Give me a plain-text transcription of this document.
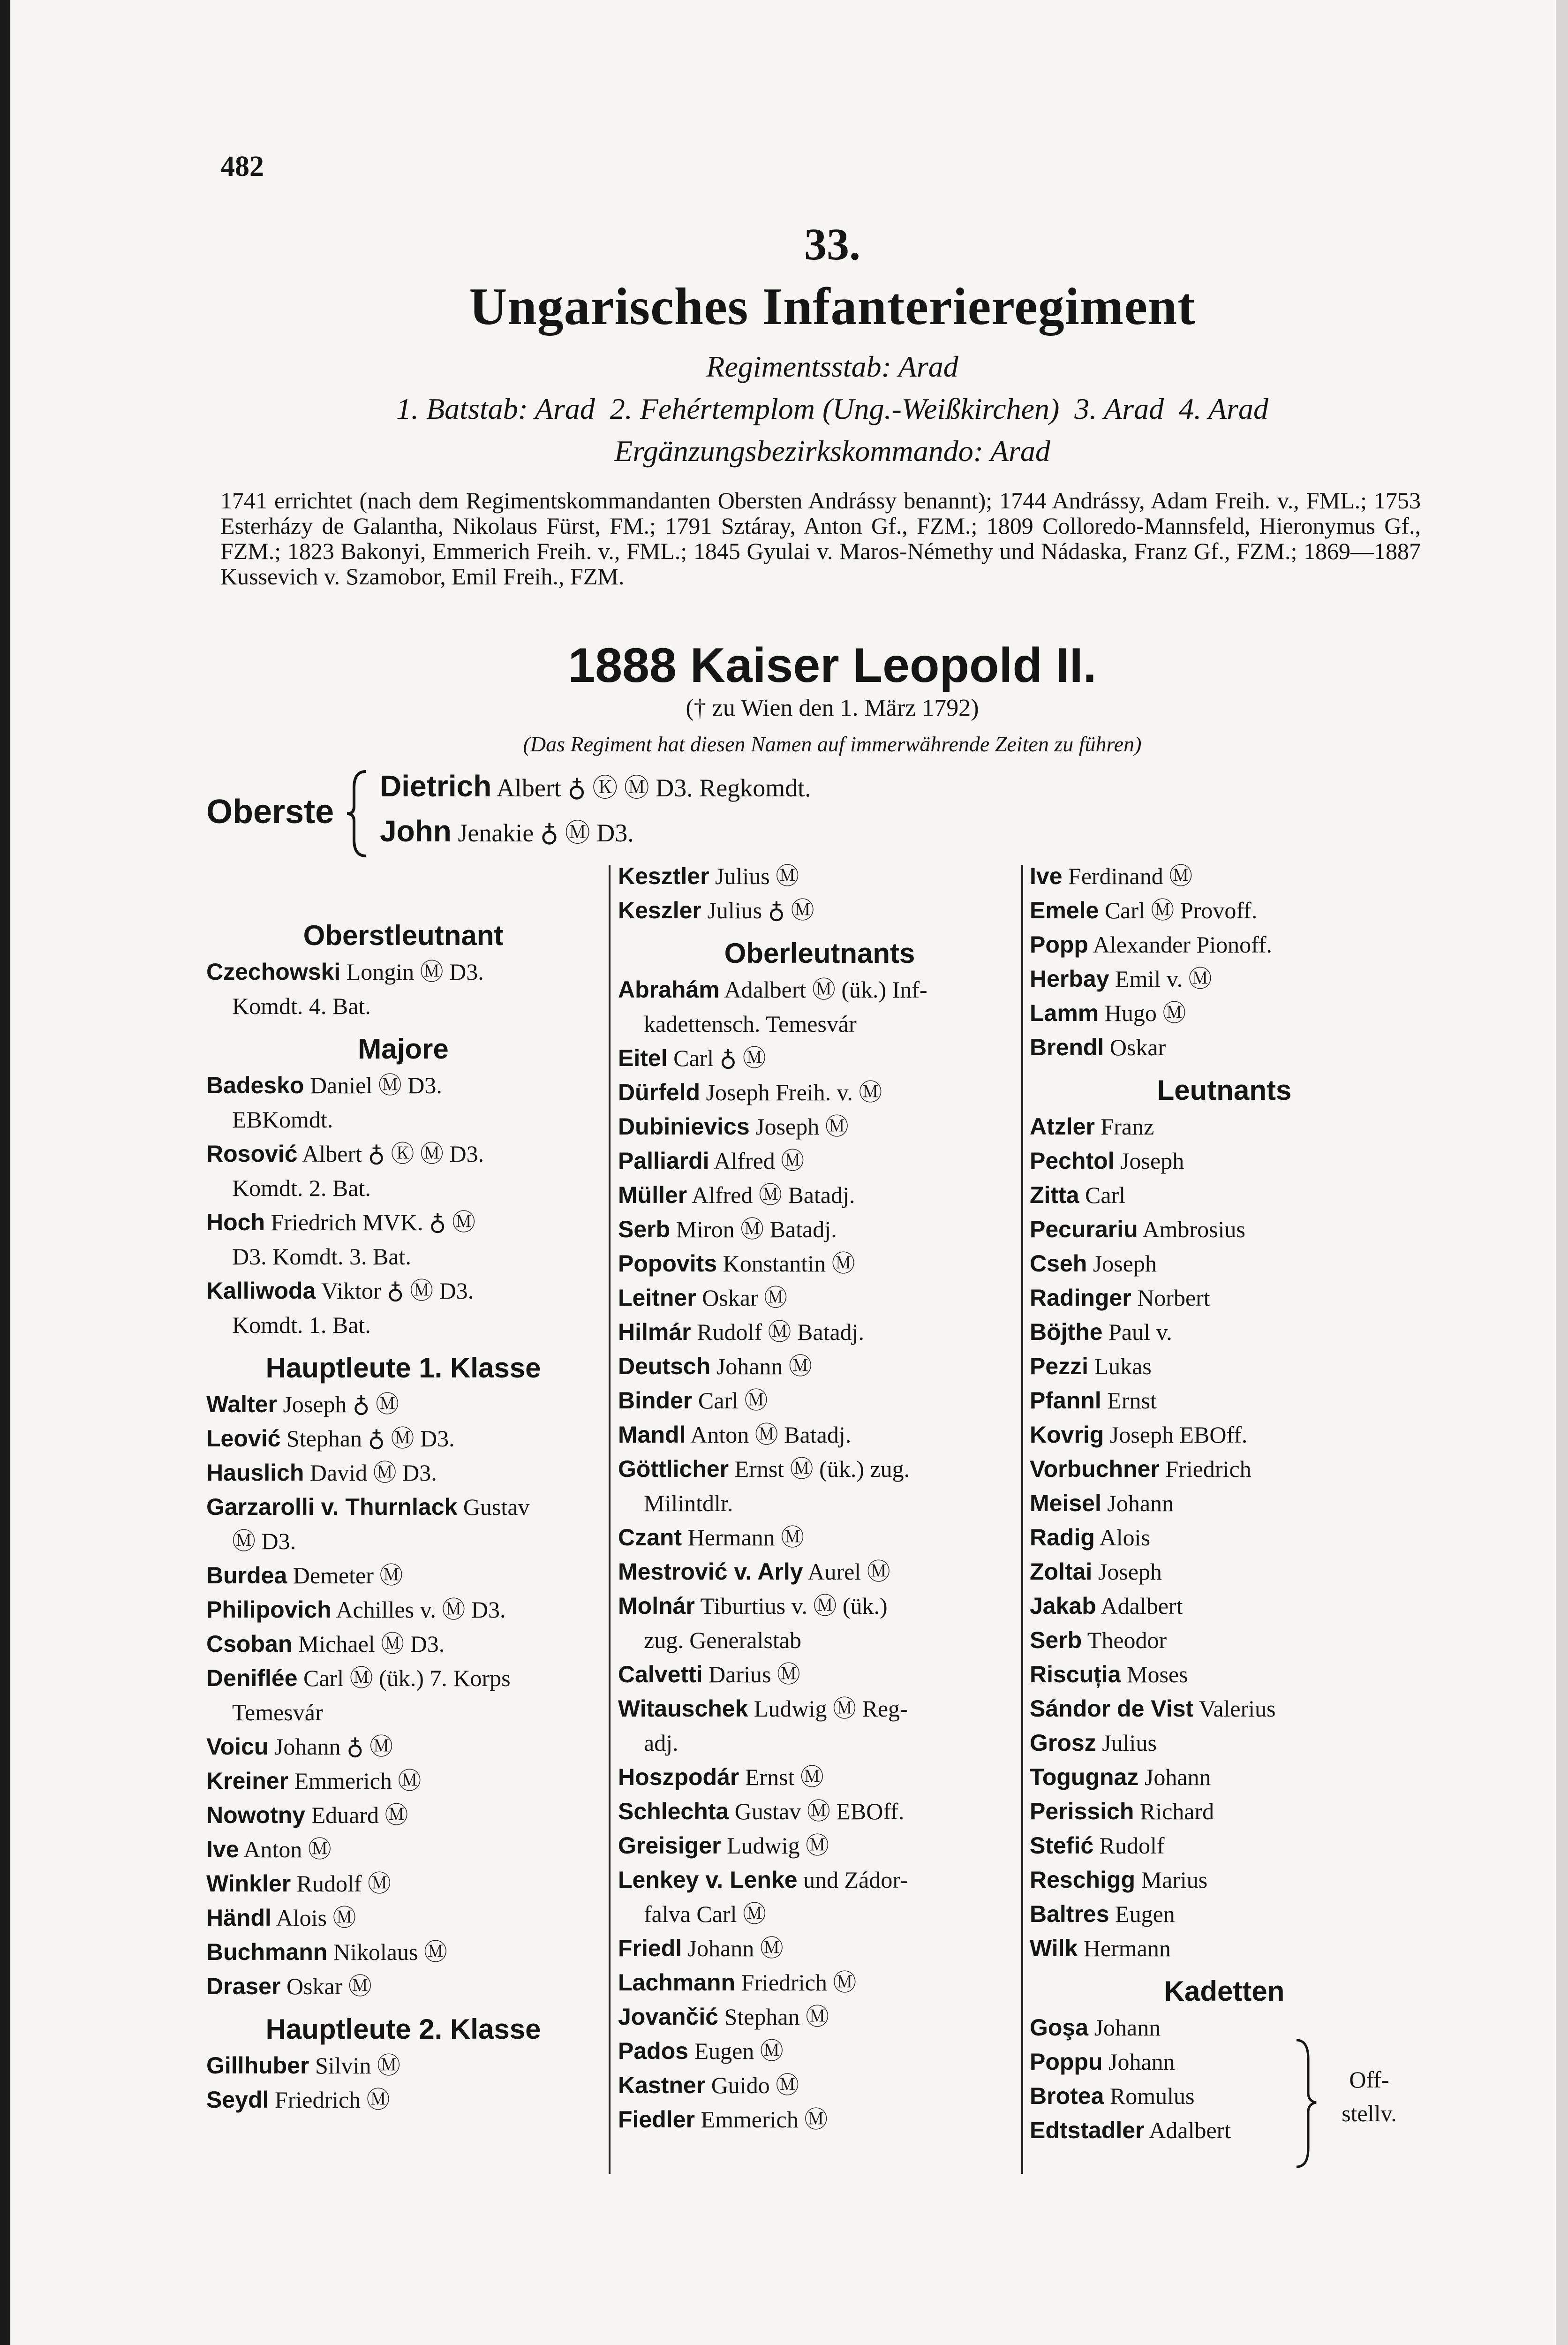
482
33.
Ungarisches Infanterieregiment
Regimentsstab: Arad
1. Batstab: Arad  2. Fehértemplom (Ung.-Weißkirchen)  3. Arad  4. Arad
Ergänzungsbezirkskommando: Arad
1741 errichtet (nach dem Regimentskommandanten Obersten Andrássy benannt); 1744 Andrássy, Adam Freih. v., FML.; 1753 Esterházy de Galantha, Nikolaus Fürst, FM.; 1791 Sztáray, Anton Gf., FZM.; 1809 Colloredo-Mannsfeld, Hieronymus Gf., FZM.; 1823 Bakonyi, Emmerich Freih. v., FML.; 1845 Gyulai v. Maros-Némethy und Nádaska, Franz Gf., FZM.; 1869—1887 Kussevich v. Szamobor, Emil Freih., FZM.
1888 Kaiser Leopold II.
(† zu Wien den 1. März 1792)
(Das Regiment hat diesen Namen auf immerwährende Zeiten zu führen)
Oberste
Dietrich Albert ♁ Ⓚ Ⓜ D3. Regkomdt.
John Jenakie ♁ Ⓜ D3.
Oberstleutnant
Czechowski Longin Ⓜ D3.
Komdt. 4. Bat.
Majore
Badesko Daniel Ⓜ D3.
EBKomdt.
Rosović Albert ♁ Ⓚ Ⓜ D3.
Komdt. 2. Bat.
Hoch Friedrich MVK. ♁ Ⓜ
D3. Komdt. 3. Bat.
Kalliwoda Viktor ♁ Ⓜ D3.
Komdt. 1. Bat.
Hauptleute 1. Klasse
Walter Joseph ♁ Ⓜ
Leović Stephan ♁ Ⓜ D3.
Hauslich David Ⓜ D3.
Garzarolli v. Thurnlack Gustav
Ⓜ D3.
Burdea Demeter Ⓜ
Philipovich Achilles v. Ⓜ D3.
Csoban Michael Ⓜ D3.
Deniflée Carl Ⓜ (ük.) 7. Korps
Temesvár
Voicu Johann ♁ Ⓜ
Kreiner Emmerich Ⓜ
Nowotny Eduard Ⓜ
Ive Anton Ⓜ
Winkler Rudolf Ⓜ
Händl Alois Ⓜ
Buchmann Nikolaus Ⓜ
Draser Oskar Ⓜ
Hauptleute 2. Klasse
Gillhuber Silvin Ⓜ
Seydl Friedrich Ⓜ
Kesztler Julius Ⓜ
Keszler Julius ♁ Ⓜ
Oberleutnants
Abrahám Adalbert Ⓜ (ük.) Inf-
kadettensch. Temesvár
Eitel Carl ♁ Ⓜ
Dürfeld Joseph Freih. v. Ⓜ
Dubinievics Joseph Ⓜ
Palliardi Alfred Ⓜ
Müller Alfred Ⓜ Batadj.
Serb Miron Ⓜ Batadj.
Popovits Konstantin Ⓜ
Leitner Oskar Ⓜ
Hilmár Rudolf Ⓜ Batadj.
Deutsch Johann Ⓜ
Binder Carl Ⓜ
Mandl Anton Ⓜ Batadj.
Göttlicher Ernst Ⓜ (ük.) zug.
Milintdlr.
Czant Hermann Ⓜ
Mestrović v. Arly Aurel Ⓜ
Molnár Tiburtius v. Ⓜ (ük.)
zug. Generalstab
Calvetti Darius Ⓜ
Witauschek Ludwig Ⓜ Reg-
adj.
Hoszpodár Ernst Ⓜ
Schlechta Gustav Ⓜ EBOff.
Greisiger Ludwig Ⓜ
Lenkey v. Lenke und Zádor-
falva Carl Ⓜ
Friedl Johann Ⓜ
Lachmann Friedrich Ⓜ
Jovančić Stephan Ⓜ
Pados Eugen Ⓜ
Kastner Guido Ⓜ
Fiedler Emmerich Ⓜ
Ive Ferdinand Ⓜ
Emele Carl Ⓜ Provoff.
Popp Alexander Pionoff.
Herbay Emil v. Ⓜ
Lamm Hugo Ⓜ
Brendl Oskar
Leutnants
Atzler Franz
Pechtol Joseph
Zitta Carl
Pecurariu Ambrosius
Cseh Joseph
Radinger Norbert
Böjthe Paul v.
Pezzi Lukas
Pfannl Ernst
Kovrig Joseph EBOff.
Vorbuchner Friedrich
Meisel Johann
Radig Alois
Zoltai Joseph
Jakab Adalbert
Serb Theodor
Riscuția Moses
Sándor de Vist Valerius
Grosz Julius
Togugnaz Johann
Perissich Richard
Stefić Rudolf
Reschigg Marius
Baltres Eugen
Wilk Hermann
Kadetten
Goşa Johann
Poppu Johann
Brotea Romulus
Edtstadler Adalbert
Off-
stellv.
